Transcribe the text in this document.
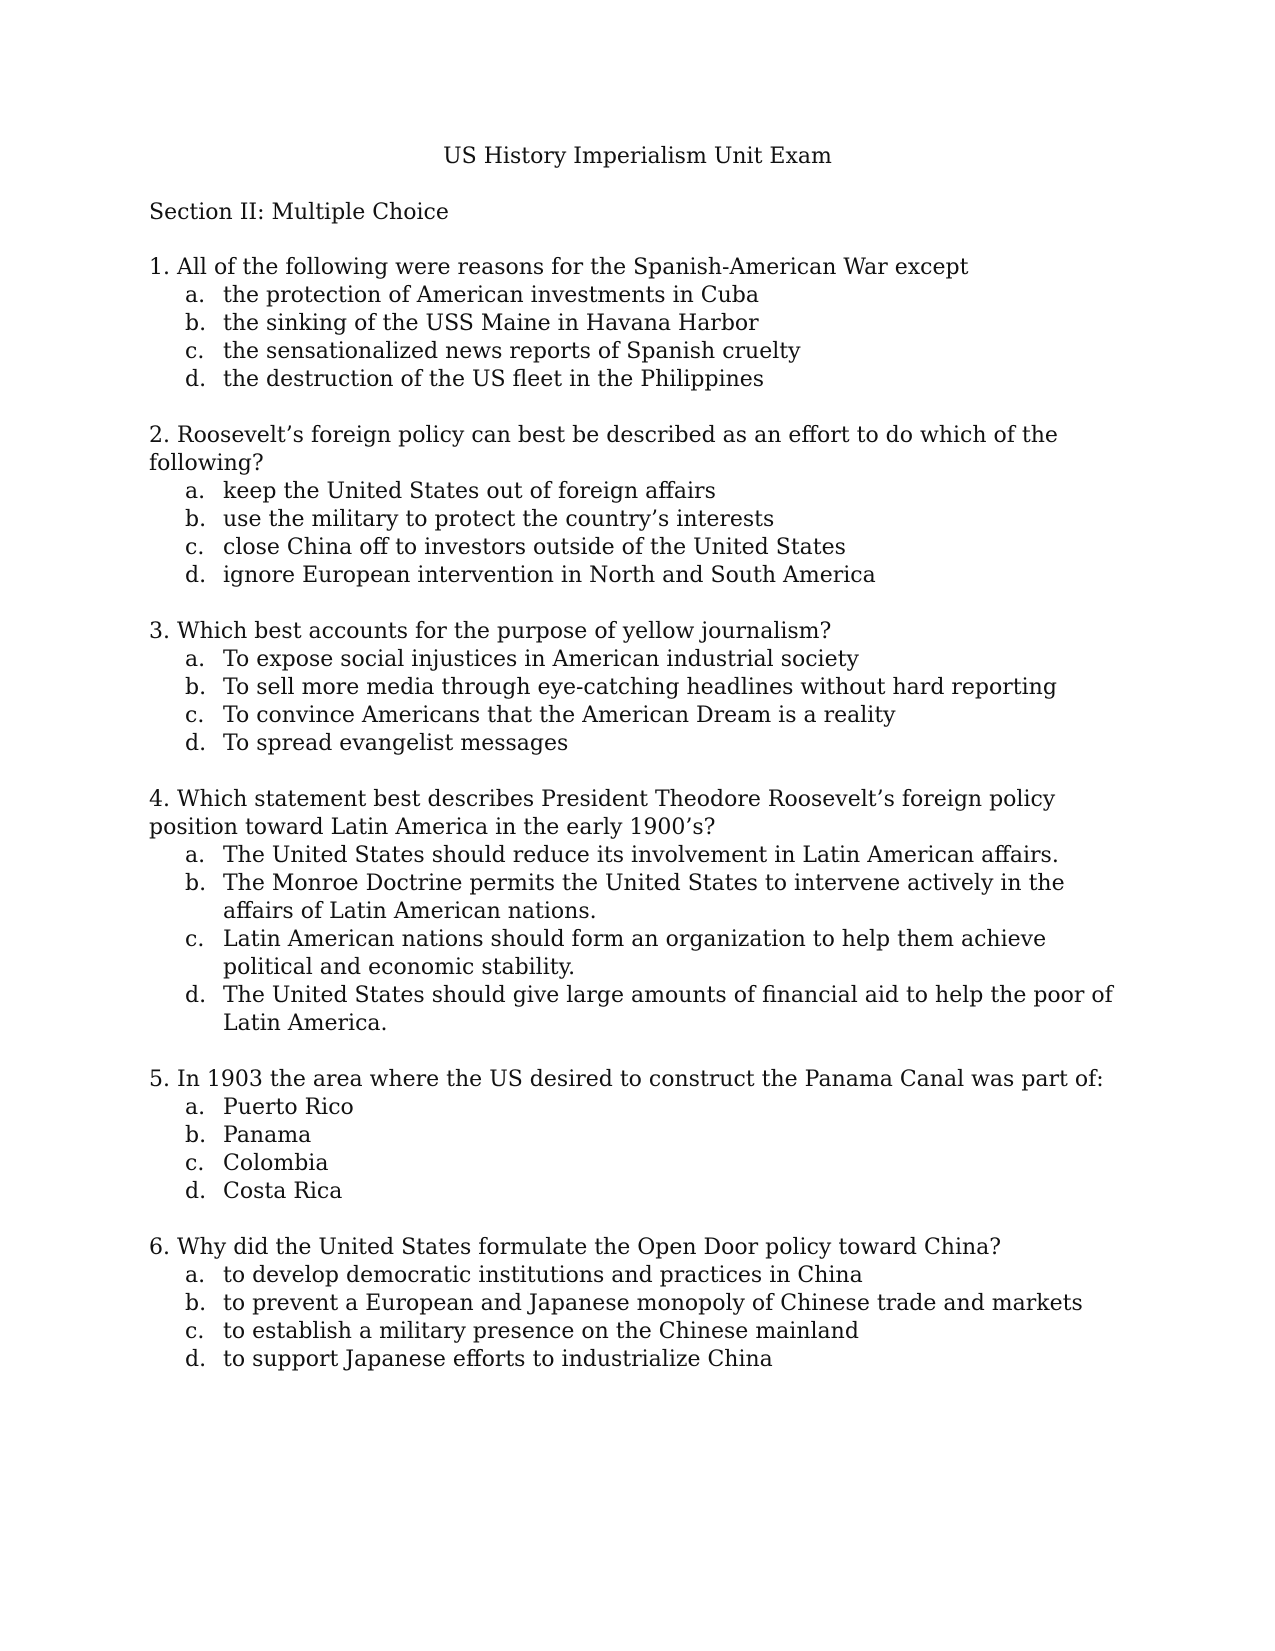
US History Imperialism Unit Exam
Section II: Multiple Choice

1. All of the following were reasons for the Spanish-American War except

a. the protection of American investments in Cuba
b. the sinking of the USS Maine in Havana Harbor
c. the sensationalized news reports of Spanish cruelty
d. the destruction of the US fleet in the Philippines

2. Roosevelt’s foreign policy can best be described as an effort to do which of the following?

a. keep the United States out of foreign affairs
b. use the military to protect the country’s interests
c. close China off to investors outside of the United States
d. ignore European intervention in North and South America

3. Which best accounts for the purpose of yellow journalism?

a. To expose social injustices in American industrial society
b. To sell more media through eye-catching headlines without hard reporting
c. To convince Americans that the American Dream is a reality
d. To spread evangelist messages

4. Which statement best describes President Theodore Roosevelt’s foreign policy position toward Latin America in the early 1900’s?

a. The United States should reduce its involvement in Latin American affairs.
b. The Monroe Doctrine permits the United States to intervene actively in the affairs of Latin American nations.
c. Latin American nations should form an organization to help them achieve political and economic stability.
d. The United States should give large amounts of financial aid to help the poor of Latin America.

5. In 1903 the area where the US desired to construct the Panama Canal was part of:

a. Puerto Rico
b. Panama
c. Colombia
d. Costa Rica

6. Why did the United States formulate the Open Door policy toward China?

a. to develop democratic institutions and practices in China
b. to prevent a European and Japanese monopoly of Chinese trade and markets
c. to establish a military presence on the Chinese mainland
d. to support Japanese efforts to industrialize China
